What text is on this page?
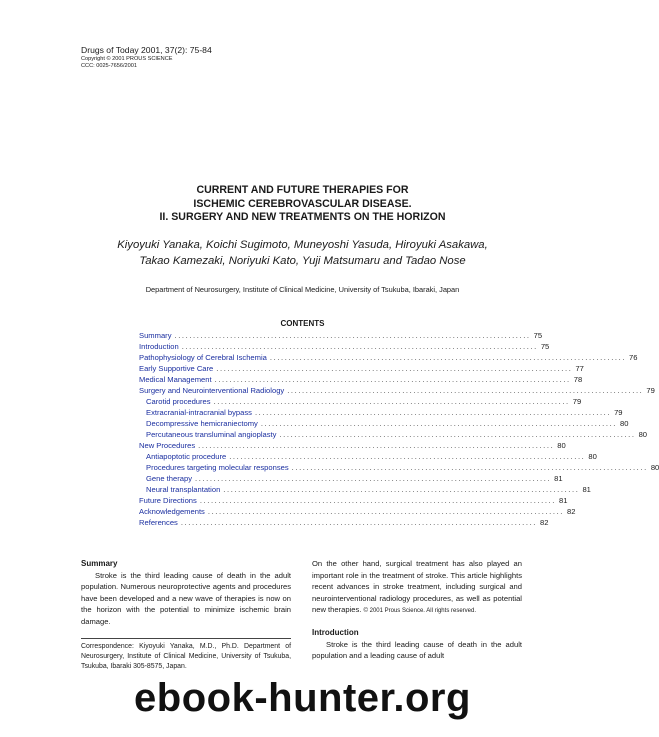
Drugs of Today 2001, 37(2): 75-84
Copyright © 2001 PROUS SCIENCE
CCC: 0025-7656/2001
CURRENT AND FUTURE THERAPIES FOR
ISCHEMIC CEREBROVASCULAR DISEASE.
II. SURGERY AND NEW TREATMENTS ON THE HORIZON
Kiyoyuki Yanaka, Koichi Sugimoto, Muneyoshi Yasuda, Hiroyuki Asakawa,
Takao Kamezaki, Noriyuki Kato, Yuji Matsumaru and Tadao Nose
Department of Neurosurgery, Institute of Clinical Medicine, University of Tsukuba, Ibaraki, Japan
CONTENTS
Summary ................................................................................................ 75
Introduction ................................................................................................ 75
Pathophysiology of Cerebral Ischemia ................................................................................................ 76
Early Supportive Care ................................................................................................ 77
Medical Management ................................................................................................ 78
Surgery and Neurointerventional Radiology ................................................................................................ 79
Carotid procedures ................................................................................................ 79
Extracranial-intracranial bypass ................................................................................................ 79
Decompressive hemicraniectomy ................................................................................................ 80
Percutaneous transluminal angioplasty ................................................................................................ 80
New Procedures ................................................................................................ 80
Antiapoptotic procedure ................................................................................................ 80
Procedures targeting molecular responses ................................................................................................ 80
Gene therapy ................................................................................................ 81
Neural transplantation ................................................................................................ 81
Future Directions ................................................................................................ 81
Acknowledgements ................................................................................................ 82
References ................................................................................................ 82
Summary
Stroke is the third leading cause of death in the adult population. Numerous neuroprotective agents and procedures have been developed and a new wave of therapies is now on the horizon with the potential to minimize ischemic brain damage.
Correspondence: Kiyoyuki Yanaka, M.D., Ph.D. Department of Neurosurgery, Institute of Clinical Medicine, University of Tsukuba, Tsukuba, Ibaraki 305-8575, Japan.
On the other hand, surgical treatment has also played an important role in the treatment of stroke. This article highlights recent advances in stroke treatment, including surgical and neurointerventional radiology procedures, as well as potential new therapies. © 2001 Prous Science. All rights reserved.
Introduction
Stroke is the third leading cause of death in the adult population and a leading cause of adult
ebook-hunter.org
